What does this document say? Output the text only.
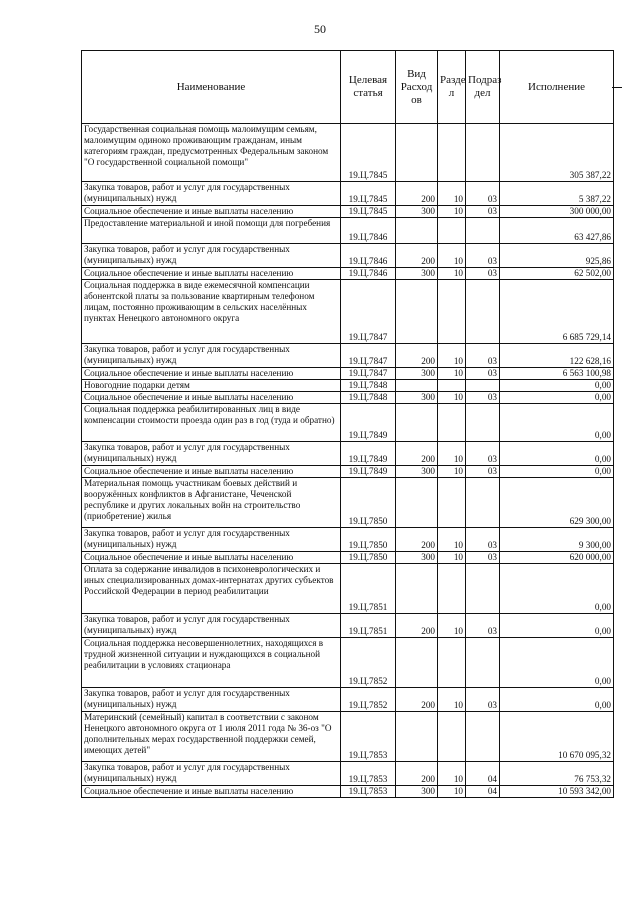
50
Наименование	Целевая статья	Вид Расход ов	Разде л	Подраз дел	Исполнение
Государственная социальная помощь малоимущим семьям, малоимущим одиноко проживающим гражданам, иным категориям граждан, предусмотренных Федеральным законом "О государственной социальной помощи"	19.Ц.7845				305 387,22
Закупка товаров, работ и услуг для государственных (муниципальных) нужд	19.Ц.7845	200	10	03	5 387,22
Социальное обеспечение и иные выплаты населению	19.Ц.7845	300	10	03	300 000,00
Предоставление материальной и иной помощи для погребения	19.Ц.7846				63 427,86
Закупка товаров, работ и услуг для государственных (муниципальных) нужд	19.Ц.7846	200	10	03	925,86
Социальное обеспечение и иные выплаты населению	19.Ц.7846	300	10	03	62 502,00
Социальная поддержка в виде ежемесячной компенсации абонентской платы за пользование квартирным телефоном лицам, постоянно проживающим в сельских населённых пунктах Ненецкого автономного округа	19.Ц.7847				6 685 729,14
Закупка товаров, работ и услуг для государственных (муниципальных) нужд	19.Ц.7847	200	10	03	122 628,16
Социальное обеспечение и иные выплаты населению	19.Ц.7847	300	10	03	6 563 100,98
Новогодние подарки детям	19.Ц.7848				0,00
Социальное обеспечение и иные выплаты населению	19.Ц.7848	300	10	03	0,00
Социальная поддержка реабилитированных лиц в виде компенсации стоимости проезда один раз в год (туда и обратно)	19.Ц.7849				0,00
Закупка товаров, работ и услуг для государственных (муниципальных) нужд	19.Ц.7849	200	10	03	0,00
Социальное обеспечение и иные выплаты населению	19.Ц.7849	300	10	03	0,00
Материальная помощь участникам боевых действий и вооружённых конфликтов в Афганистане, Чеченской республике и других локальных войн на строительство (приобретение) жилья	19.Ц.7850				629 300,00
Закупка товаров, работ и услуг для государственных (муниципальных) нужд	19.Ц.7850	200	10	03	9 300,00
Социальное обеспечение и иные выплаты населению	19.Ц.7850	300	10	03	620 000,00
Оплата за содержание инвалидов в психоневрологических и иных специализированных домах-интернатах других субъектов Российской Федерации в период реабилитации	19.Ц.7851				0,00
Закупка товаров, работ и услуг для государственных (муниципальных) нужд	19.Ц.7851	200	10	03	0,00
Социальная поддержка несовершеннолетних, находящихся в трудной жизненной ситуации и нуждающихся в социальной реабилитации в условиях стационара	19.Ц.7852				0,00
Закупка товаров, работ и услуг для государственных (муниципальных) нужд	19.Ц.7852	200	10	03	0,00
Материнский (семейный) капитал в соответствии с законом Ненецкого автономного округа от 1 июля 2011 года № 36-оз "О дополнительных мерах государственной поддержки семей, имеющих детей"	19.Ц.7853				10 670 095,32
Закупка товаров, работ и услуг для государственных (муниципальных) нужд	19.Ц.7853	200	10	04	76 753,32
Социальное обеспечение и иные выплаты населению	19.Ц.7853	300	10	04	10 593 342,00
